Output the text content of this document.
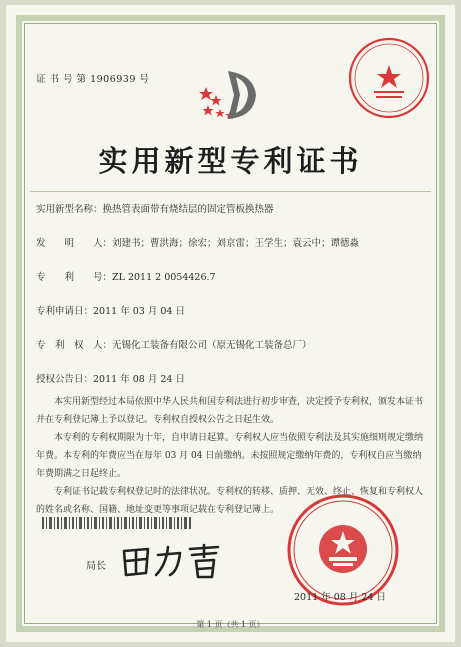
证 书 号 第 1906939 号
实用新型专利证书
实用新型名称：换热管表面带有烧结层的固定管板换热器
发　　明　　人：刘建书；曹洪海；徐宏；刘京雷；王学生；袁云中；谭德淼
专　　利　　号：ZL 2011 2 0054426.7
专利申请日：2011 年 03 月 04 日
专　利　权　人：无锡化工装备有限公司（原无锡化工装备总厂）
授权公告日：2011 年 08 月 24 日
本实用新型经过本局依照中华人民共和国专利法进行初步审查，决定授予专利权，颁发本证书并在专利登记簿上予以登记。专利权自授权公告之日起生效。
本专利的专利权期限为十年，自申请日起算。专利权人应当依照专利法及其实施细则规定缴纳年费。本专利的年费应当在每年 03 月 04 日前缴纳。未按照规定缴纳年费的，专利权自应当缴纳年费期满之日起终止。
专利证书记载专利权登记时的法律状况。专利权的转移、质押、无效、终止、恢复和专利权人的姓名或名称、国籍、地址变更等事项记载在专利登记簿上。
局长
2011 年 08 月 24 日
第 1 页（共 1 页）
